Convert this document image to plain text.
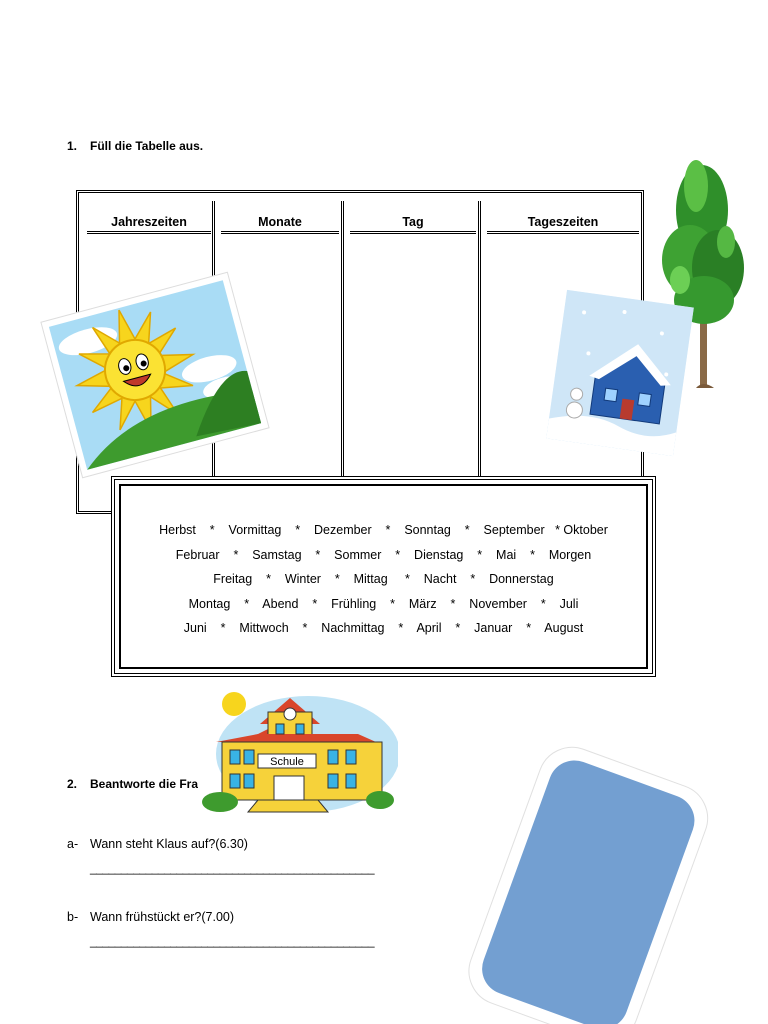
1. Füll die Tabelle aus.
Jahreszeiten	Monate	Tag	Tageszeiten
Herbst    *    Vormittag    *    Dezember    *    Sonntag    *    September   * Oktober
Februar    *    Samstag    *    Sommer    *    Dienstag    *    Mai    *    Morgen
Freitag    *    Winter    *    Mittag     *    Nacht    *    Donnerstag
Montag    *    Abend    *    Frühling    *    März    *    November    *    Juli
Juni    *    Mittwoch    *    Nachmittag    *    April    *    Januar    *    August
2. Beantworte die Fra
Schule
a- Wann steht Klaus auf?(6.30)
______________________________________________
b- Wann frühstückt er?(7.00)
______________________________________________
